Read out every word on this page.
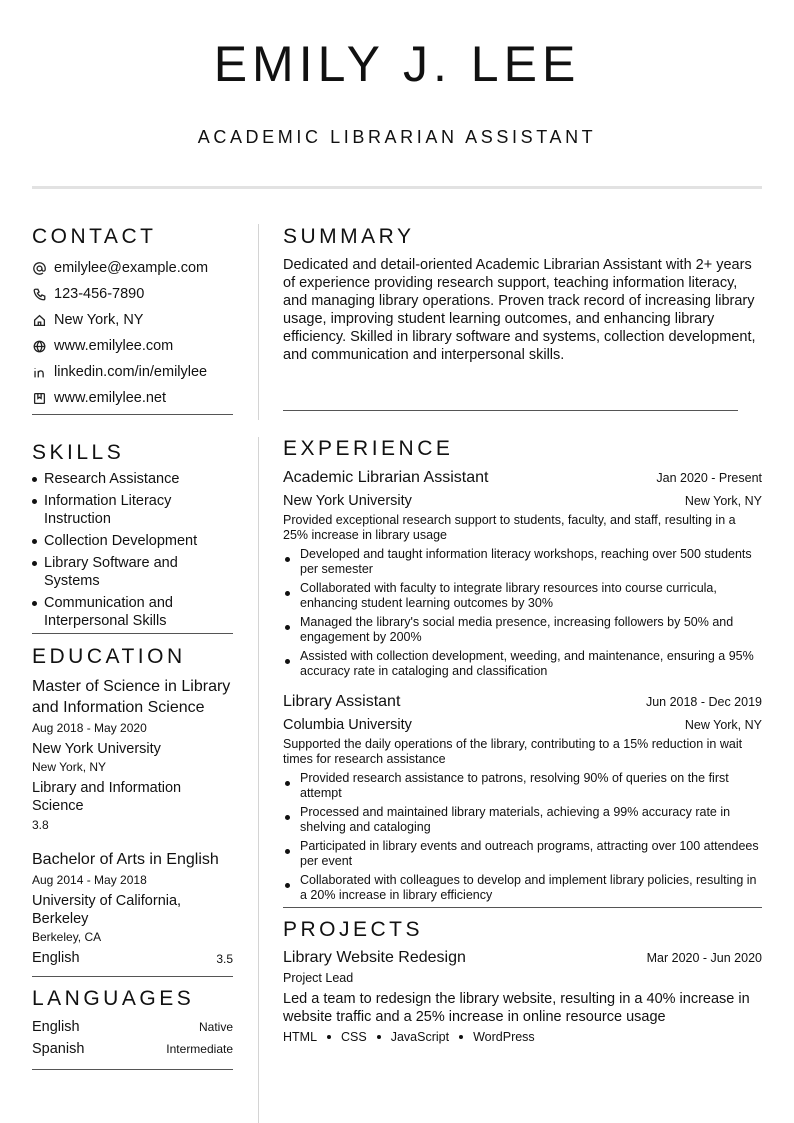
EMILY J. LEE
ACADEMIC LIBRARIAN ASSISTANT
CONTACT
emilylee@example.com
123-456-7890
New York, NY
www.emilylee.com
linkedin.com/in/emilylee
www.emilylee.net
SKILLS
Research Assistance
Information Literacy Instruction
Collection Development
Library Software and Systems
Communication and Interpersonal Skills
EDUCATION
Master of Science in Library and Information Science
Aug 2018 - May 2020
New York University
New York, NY
Library and Information Science
3.8
Bachelor of Arts in English
Aug 2014 - May 2018
University of California, Berkeley
Berkeley, CA
English	3.5
LANGUAGES
English	Native
Spanish	Intermediate
SUMMARY
Dedicated and detail-oriented Academic Librarian Assistant with 2+ years of experience providing research support, teaching information literacy, and managing library operations. Proven track record of increasing library usage, improving student learning outcomes, and enhancing library efficiency. Skilled in library software and systems, collection development, and communication and interpersonal skills.
EXPERIENCE
Academic Librarian Assistant	Jan 2020 - Present
New York University	New York, NY
Provided exceptional research support to students, faculty, and staff, resulting in a 25% increase in library usage
Developed and taught information literacy workshops, reaching over 500 students per semester
Collaborated with faculty to integrate library resources into course curricula, enhancing student learning outcomes by 30%
Managed the library's social media presence, increasing followers by 50% and engagement by 200%
Assisted with collection development, weeding, and maintenance, ensuring a 95% accuracy rate in cataloging and classification
Library Assistant	Jun 2018 - Dec 2019
Columbia University	New York, NY
Supported the daily operations of the library, contributing to a 15% reduction in wait times for research assistance
Provided research assistance to patrons, resolving 90% of queries on the first attempt
Processed and maintained library materials, achieving a 99% accuracy rate in shelving and cataloging
Participated in library events and outreach programs, attracting over 100 attendees per event
Collaborated with colleagues to develop and implement library policies, resulting in a 20% increase in library efficiency
PROJECTS
Library Website Redesign	Mar 2020 - Jun 2020
Project Lead
Led a team to redesign the library website, resulting in a 40% increase in website traffic and a 25% increase in online resource usage
HTML CSS JavaScript WordPress
